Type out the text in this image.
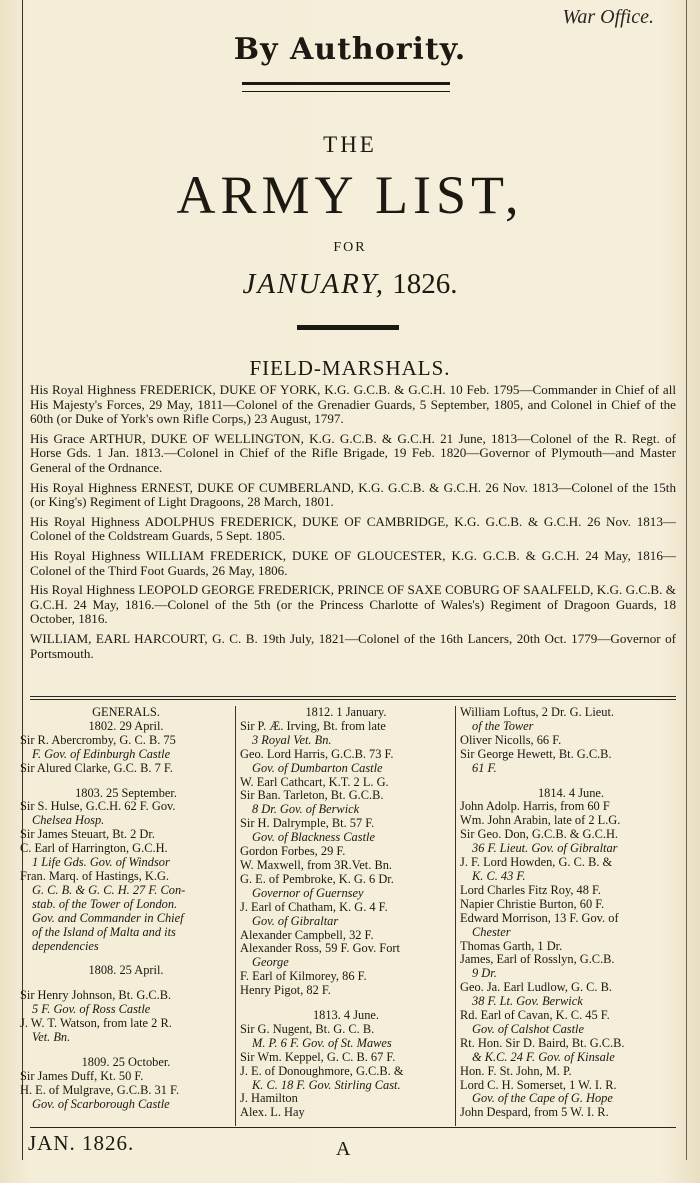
War Office.
By Authority.
THE
ARMY LIST,
FOR
JANUARY, 1826.
FIELD-MARSHALS.
His Royal Highness FREDERICK, DUKE OF YORK, K.G. G.C.B. & G.C.H. 10 Feb. 1795—Commander in Chief of all His Majesty's Forces, 29 May, 1811—Colonel of the Grenadier Guards, 5 September, 1805, and Colonel in Chief of the 60th (or Duke of York's own Rifle Corps,) 23 August, 1797.
His Grace ARTHUR, DUKE OF WELLINGTON, K.G. G.C.B. & G.C.H. 21 June, 1813—Colonel of the R. Regt. of Horse Gds. 1 Jan. 1813.—Colonel in Chief of the Rifle Brigade, 19 Feb. 1820—Governor of Plymouth—and Master General of the Ordnance.
His Royal Highness ERNEST, DUKE OF CUMBERLAND, K.G. G.C.B. & G.C.H. 26 Nov. 1813—Colonel of the 15th (or King's) Regiment of Light Dragoons, 28 March, 1801.
His Royal Highness ADOLPHUS FREDERICK, DUKE OF CAMBRIDGE, K.G. G.C.B. & G.C.H. 26 Nov. 1813—Colonel of the Coldstream Guards, 5 Sept. 1805.
His Royal Highness WILLIAM FREDERICK, DUKE OF GLOUCESTER, K.G. G.C.B. & G.C.H. 24 May, 1816—Colonel of the Third Foot Guards, 26 May, 1806.
His Royal Highness LEOPOLD GEORGE FREDERICK, PRINCE OF SAXE COBURG OF SAALFELD, K.G. G.C.B. & G.C.H. 24 May, 1816.—Colonel of the 5th (or the Princess Charlotte of Wales's) Regiment of Dragoon Guards, 18 October, 1816.
WILLIAM, EARL HARCOURT, G. C. B. 19th July, 1821—Colonel of the 16th Lancers, 20th Oct. 1779—Governor of Portsmouth.
GENERALS.
1802. 29 April.
Sir R. Abercromby, G. C. B. 75
F. Gov. of Edinburgh Castle
Sir Alured Clarke, G.C. B. 7 F.
1803. 25 September.
Sir S. Hulse, G.C.H. 62 F. Gov.
Chelsea Hosp.
Sir James Steuart, Bt. 2 Dr.
C. Earl of Harrington, G.C.H.
1 Life Gds. Gov. of Windsor
Fran. Marq. of Hastings, K.G.
G. C. B. & G. C. H. 27 F. Con-
stab. of the Tower of London.
Gov. and Commander in Chief
of the Island of Malta and its
dependencies
1808. 25 April.
Sir Henry Johnson, Bt. G.C.B.
5 F. Gov. of Ross Castle
J. W. T. Watson, from late 2 R.
Vet. Bn.
1809. 25 October.
Sir James Duff, Kt. 50 F.
H. E. of Mulgrave, G.C.B. 31 F.
Gov. of Scarborough Castle
1812. 1 January.
Sir P. Æ. Irving, Bt. from late
3 Royal Vet. Bn.
Geo. Lord Harris, G.C.B. 73 F.
Gov. of Dumbarton Castle
W. Earl Cathcart, K.T. 2 L. G.
Sir Ban. Tarleton, Bt. G.C.B.
8 Dr. Gov. of Berwick
Sir H. Dalrymple, Bt. 57 F.
Gov. of Blackness Castle
Gordon Forbes, 29 F.
W. Maxwell, from 3R.Vet. Bn.
G. E. of Pembroke, K. G. 6 Dr.
Governor of Guernsey
J. Earl of Chatham, K. G. 4 F.
Gov. of Gibraltar
Alexander Campbell, 32 F.
Alexander Ross, 59 F. Gov. Fort
George
F. Earl of Kilmorey, 86 F.
Henry Pigot, 82 F.
1813. 4 June.
Sir G. Nugent, Bt. G. C. B.
M. P. 6 F. Gov. of St. Mawes
Sir Wm. Keppel, G. C. B. 67 F.
J. E. of Donoughmore, G.C.B. &
K. C. 18 F. Gov. Stirling Cast.
J. Hamilton
Alex. L. Hay
William Loftus, 2 Dr. G. Lieut.
of the Tower
Oliver Nicolls, 66 F.
Sir George Hewett, Bt. G.C.B.
61 F.
1814. 4 June.
John Adolp. Harris, from 60 F
Wm. John Arabin, late of 2 L.G.
Sir Geo. Don, G.C.B. & G.C.H.
36 F. Lieut. Gov. of Gibraltar
J. F. Lord Howden, G. C. B. &
K. C. 43 F.
Lord Charles Fitz Roy, 48 F.
Napier Christie Burton, 60 F.
Edward Morrison, 13 F. Gov. of
Chester
Thomas Garth, 1 Dr.
James, Earl of Rosslyn, G.C.B.
9 Dr.
Geo. Ja. Earl Ludlow, G. C. B.
38 F. Lt. Gov. Berwick
Rd. Earl of Cavan, K. C. 45 F.
Gov. of Calshot Castle
Rt. Hon. Sir D. Baird, Bt. G.C.B.
& K.C. 24 F. Gov. of Kinsale
Hon. F. St. John, M. P.
Lord C. H. Somerset, 1 W. I. R.
Gov. of the Cape of G. Hope
John Despard, from 5 W. I. R.
JAN. 1826.	A
